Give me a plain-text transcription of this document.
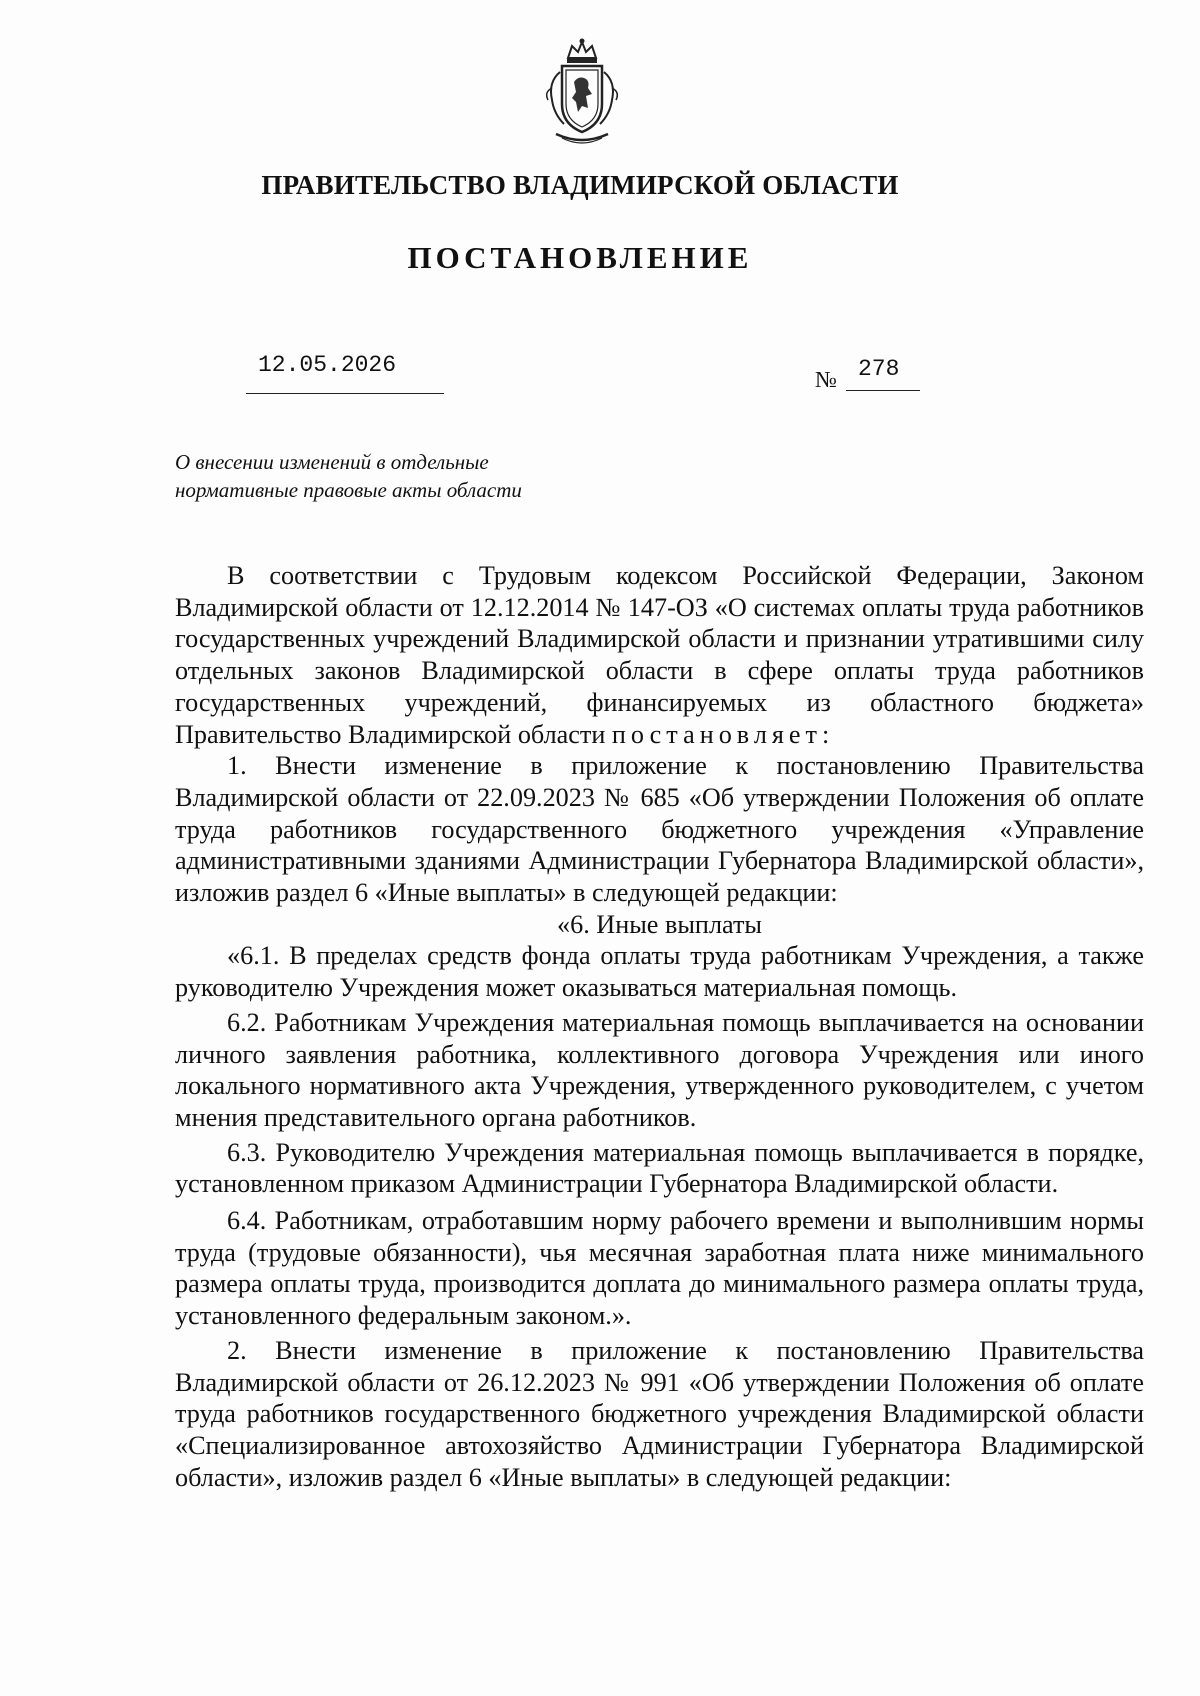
ПРАВИТЕЛЬСТВО ВЛАДИМИРСКОЙ ОБЛАСТИ
ПОСТАНОВЛЕНИЕ
12.05.2026
№ 278
О внесении изменений в отдельные
нормативные правовые акты области

В соответствии с Трудовым кодексом Российской Федерации, Законом Владимирской области от 12.12.2014 № 147-ОЗ «О системах оплаты труда работников государственных учреждений Владимирской области и признании утратившими силу отдельных законов Владимирской области в сфере оплаты труда работников государственных учреждений, финансируемых из областного бюджета» Правительство Владимирской области постановляет:

1. Внести изменение в приложение к постановлению Правительства Владимирской области от 22.09.2023 № 685 «Об утверждении Положения об оплате труда работников государственного бюджетного учреждения «Управление административными зданиями Администрации Губернатора Владимирской области», изложив раздел 6 «Иные выплаты» в следующей редакции:

«6. Иные выплаты

«6.1. В пределах средств фонда оплаты труда работникам Учреждения, а также руководителю Учреждения может оказываться материальная помощь.

6.2. Работникам Учреждения материальная помощь выплачивается на основании личного заявления работника, коллективного договора Учреждения или иного локального нормативного акта Учреждения, утвержденного руководителем, с учетом мнения представительного органа работников.

6.3. Руководителю Учреждения материальная помощь выплачивается в порядке, установленном приказом Администрации Губернатора Владимирской области.

6.4. Работникам, отработавшим норму рабочего времени и выполнившим нормы труда (трудовые обязанности), чья месячная заработная плата ниже минимального размера оплаты труда, производится доплата до минимального размера оплаты труда, установленного федеральным законом.».

2. Внести изменение в приложение к постановлению Правительства Владимирской области от 26.12.2023 № 991 «Об утверждении Положения об оплате труда работников государственного бюджетного учреждения Владимирской области «Специализированное автохозяйство Администрации Губернатора Владимирской области», изложив раздел 6 «Иные выплаты» в следующей редакции:
